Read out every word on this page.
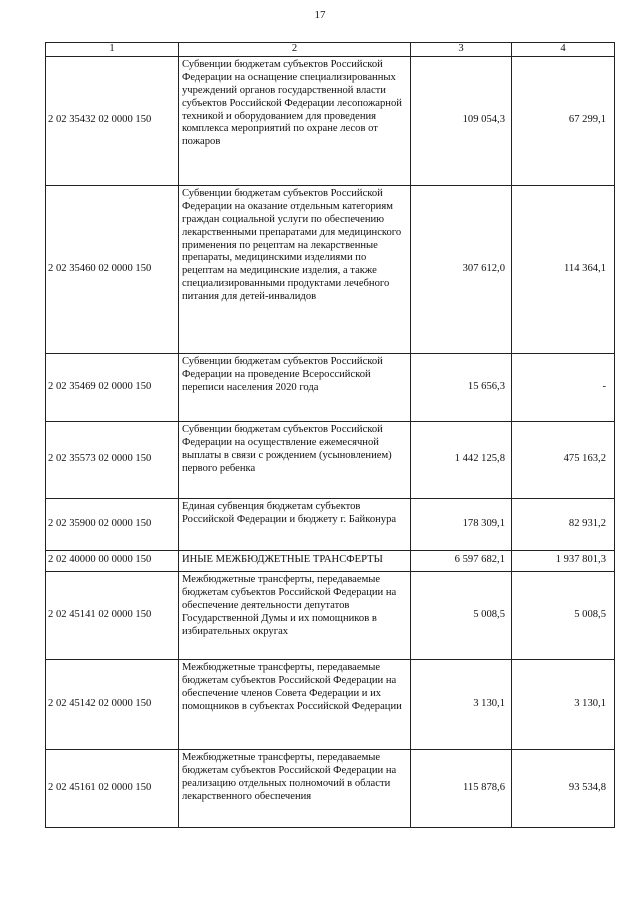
17
1	2	3	4
2 02 35432 02 0000 150	Субвенции бюджетам субъектов Российской Федерации на оснащение специализированных учреждений органов государственной власти субъектов Российской Федерации лесопожарной техникой и оборудованием для проведения комплекса мероприятий по охране лесов от пожаров	109 054,3	67 299,1
2 02 35460 02 0000 150	Субвенции бюджетам субъектов Российской Федерации на оказание отдельным категориям граждан социальной услуги по обеспечению лекарственными препаратами для медицинского применения по рецептам на лекарственные препараты, медицинскими изделиями по рецептам на медицинские изделия, а также специализированными продуктами лечебного питания для детей-инвалидов	307 612,0	114 364,1
2 02 35469 02 0000 150	Субвенции бюджетам субъектов Российской Федерации на проведение Всероссийской переписи населения 2020 года	15 656,3	-
2 02 35573 02 0000 150	Субвенции бюджетам субъектов Российской Федерации на осуществление ежемесячной выплаты в связи с рождением (усыновлением) первого ребенка	1 442 125,8	475 163,2
2 02 35900 02 0000 150	Единая субвенция бюджетам субъектов Российской Федерации и бюджету г. Байконура	178 309,1	82 931,2
2 02 40000 00 0000 150	ИНЫЕ МЕЖБЮДЖЕТНЫЕ ТРАНСФЕРТЫ	6 597 682,1	1 937 801,3
2 02 45141 02 0000 150	Межбюджетные трансферты, передаваемые бюджетам субъектов Российской Федерации на обеспечение деятельности депутатов Государственной Думы и их помощников в избирательных округах	5 008,5	5 008,5
2 02 45142 02 0000 150	Межбюджетные трансферты, передаваемые бюджетам субъектов Российской Федерации на обеспечение членов Совета Федерации и их помощников в субъектах Российской Федерации	3 130,1	3 130,1
2 02 45161 02 0000 150	Межбюджетные трансферты, передаваемые бюджетам субъектов Российской Федерации на реализацию отдельных полномочий в области лекарственного обеспечения	115 878,6	93 534,8
